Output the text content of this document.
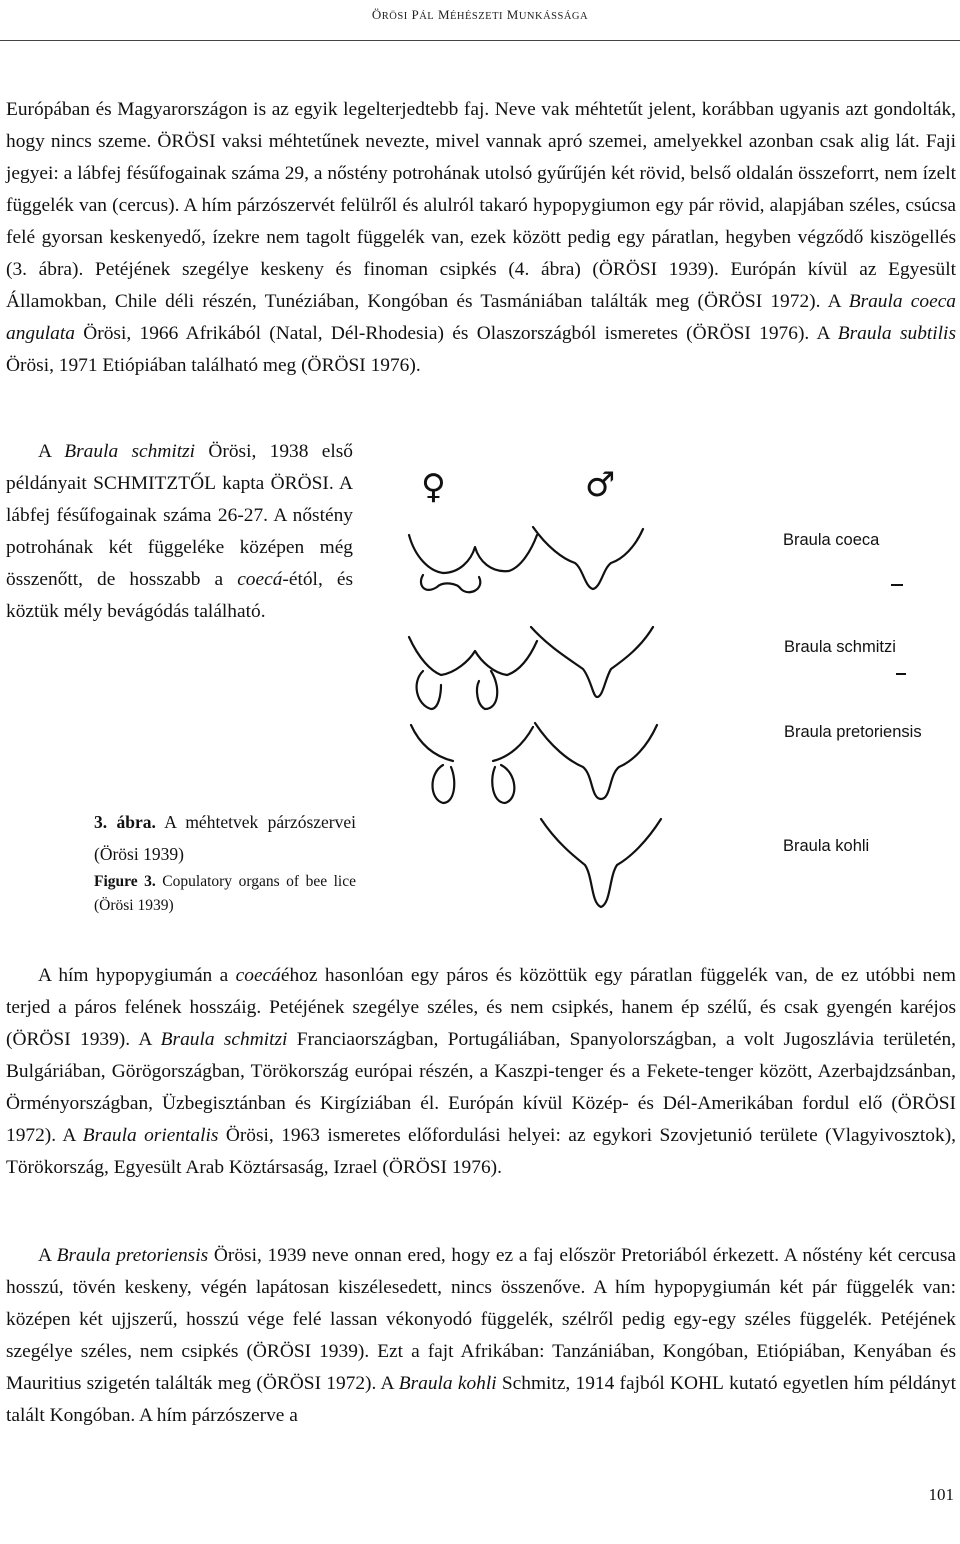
ÖRÖSI PÁL MÉHÉSZETI MUNKÁSSÁGA

Európában és Magyarországon is az egyik legelterjedtebb faj. Neve vak méhtetűt jelent, korábban ugyanis azt gondolták, hogy nincs szeme. ÖRÖSI vaksi méhtetűnek nevezte, mivel vannak apró szemei, amelyekkel azonban csak alig lát. Faji jegyei: a lábfej fésűfogainak száma 29, a nőstény potrohának utolsó gyűrűjén két rövid, belső oldalán összeforrt, nem ízelt függelék van (cercus). A hím párzószervét felülről és alulról takaró hypopygiumon egy pár rövid, alapjában széles, csúcsa felé gyorsan keskenyedő, ízekre nem tagolt függelék van, ezek között pedig egy páratlan, hegyben végződő kiszögellés (3. ábra). Petéjének szegélye keskeny és finoman csipkés (4. ábra) (ÖRÖSI 1939). Európán kívül az Egyesült Államokban, Chile déli részén, Tunéziában, Kongóban és Tasmániában találták meg (ÖRÖSI 1972). A Braula coeca angulata Örösi, 1966 Afrikából (Natal, Dél-Rhodesia) és Olaszországból ismeretes (ÖRÖSI 1976). A Braula subtilis Örösi, 1971 Etiópiában található meg (ÖRÖSI 1976).

A Braula schmitzi Örösi, 1938 első példányait SCHMITZTŐL kapta ÖRÖSI. A lábfej fésűfogainak száma 26-27. A nőstény potrohának két függeléke középen még összenőtt, de hosszabb a coecá-étól, és köztük mély bevágódás található.

♀	♂
Braula coeca
Braula schmitzi
Braula pretoriensis
Braula kohli

3. ábra. A méhtetvek párzószervei (Örösi 1939)

Figure 3. Copulatory organs of bee lice (Örösi 1939)

A hím hypopygiumán a coecáéhoz hasonlóan egy páros és közöttük egy páratlan függelék van, de ez utóbbi nem terjed a páros felének hosszáig. Petéjének szegélye széles, és nem csipkés, hanem ép szélű, és csak gyengén karéjos (ÖRÖSI 1939). A Braula schmitzi Franciaországban, Portugáliában, Spanyolországban, a volt Jugoszlávia területén, Bulgáriában, Görögországban, Törökország európai részén, a Kaszpi-tenger és a Fekete-tenger között, Azerbajdzsánban, Örményországban, Üzbegisztánban és Kirgíziában él. Európán kívül Közép- és Dél-Amerikában fordul elő (ÖRÖSI 1972). A Braula orientalis Örösi, 1963 ismeretes előfordulási helyei: az egykori Szovjetunió területe (Vlagyivosztok), Törökország, Egyesült Arab Köztársaság, Izrael (ÖRÖSI 1976).

A Braula pretoriensis Örösi, 1939 neve onnan ered, hogy ez a faj először Pretoriából érkezett. A nőstény két cercusa hosszú, tövén keskeny, végén lapátosan kiszélesedett, nincs összenőve. A hím hypopygiumán két pár függelék van: középen két ujjszerű, hosszú vége felé lassan vékonyodó függelék, szélről pedig egy-egy széles függelék. Petéjének szegélye széles, nem csipkés (ÖRÖSI 1939). Ezt a fajt Afrikában: Tanzániában, Kongóban, Etiópiában, Kenyában és Mauritius szigetén találták meg (ÖRÖSI 1972). A Braula kohli Schmitz, 1914 fajból KOHL kutató egyetlen hím példányt talált Kongóban. A hím párzószerve a

101
